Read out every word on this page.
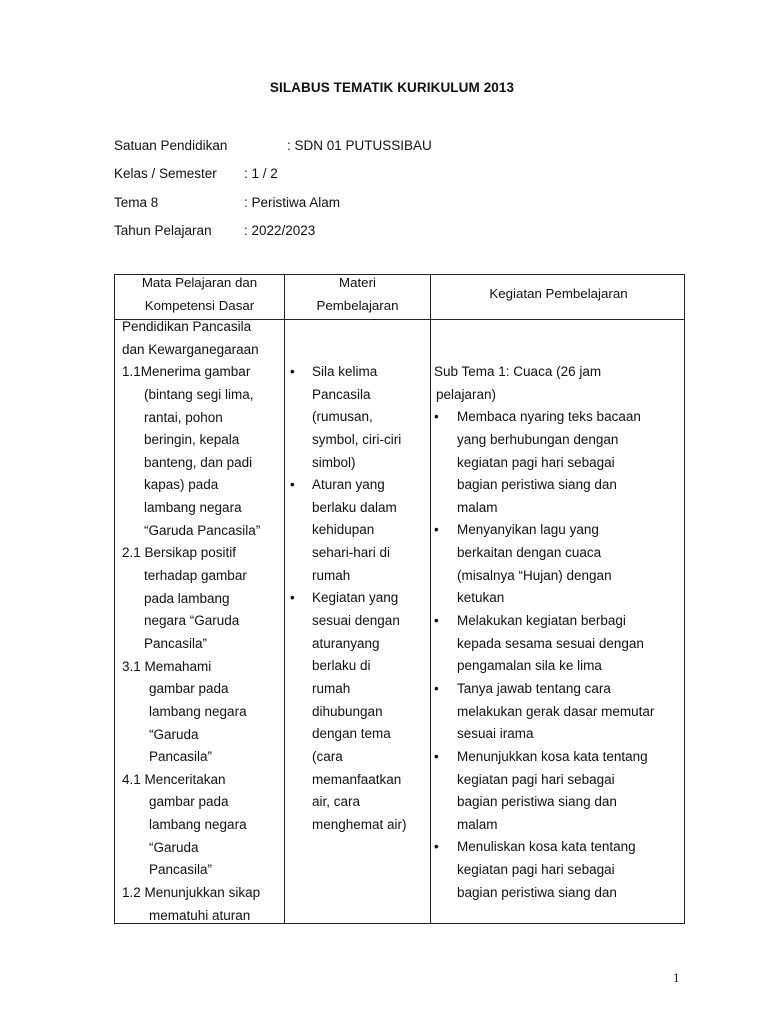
SILABUS TEMATIK KURIKULUM 2013
Satuan Pendidikan	: SDN 01 PUTUSSIBAU
Kelas / Semester : 1 / 2
Tema 8	: Peristiwa Alam
Tahun Pelajaran : 2022/2023
Mata Pelajaran dan
Kompetensi Dasar
Materi
Pembelajaran
Kegiatan Pembelajaran
Pendidikan Pancasila
dan Kewarganegaraan
1.1Menerima gambar
(bintang segi lima,
rantai, pohon
beringin, kepala
banteng, dan padi
kapas) pada
lambang negara
“Garuda Pancasila”
2.1 Bersikap positif
terhadap gambar
pada lambang
negara “Garuda
Pancasila”
3.1 Memahami
gambar pada
lambang negara
“Garuda
Pancasila”
4.1 Menceritakan
gambar pada
lambang negara
“Garuda
Pancasila”
1.2 Menunjukkan sikap
mematuhi aturan
• Sila kelima
Pancasila
(rumusan,
symbol, ciri-ciri
simbol)
• Aturan yang
berlaku dalam
kehidupan
sehari-hari di
rumah
• Kegiatan yang
sesuai dengan
aturanyang
berlaku di
rumah
dihubungan
dengan tema
(cara
memanfaatkan
air, cara
menghemat air)
Sub Tema 1: Cuaca (26 jam
pelajaran)
• Membaca nyaring teks bacaan
yang berhubungan dengan
kegiatan pagi hari sebagai
bagian peristiwa siang dan
malam
• Menyanyikan lagu yang
berkaitan dengan cuaca
(misalnya “Hujan) dengan
ketukan
• Melakukan kegiatan berbagi
kepada sesama sesuai dengan
pengamalan sila ke lima
• Tanya jawab tentang cara
melakukan gerak dasar memutar
sesuai irama
• Menunjukkan kosa kata tentang
kegiatan pagi hari sebagai
bagian peristiwa siang dan
malam
• Menuliskan kosa kata tentang
kegiatan pagi hari sebagai
bagian peristiwa siang dan
1
